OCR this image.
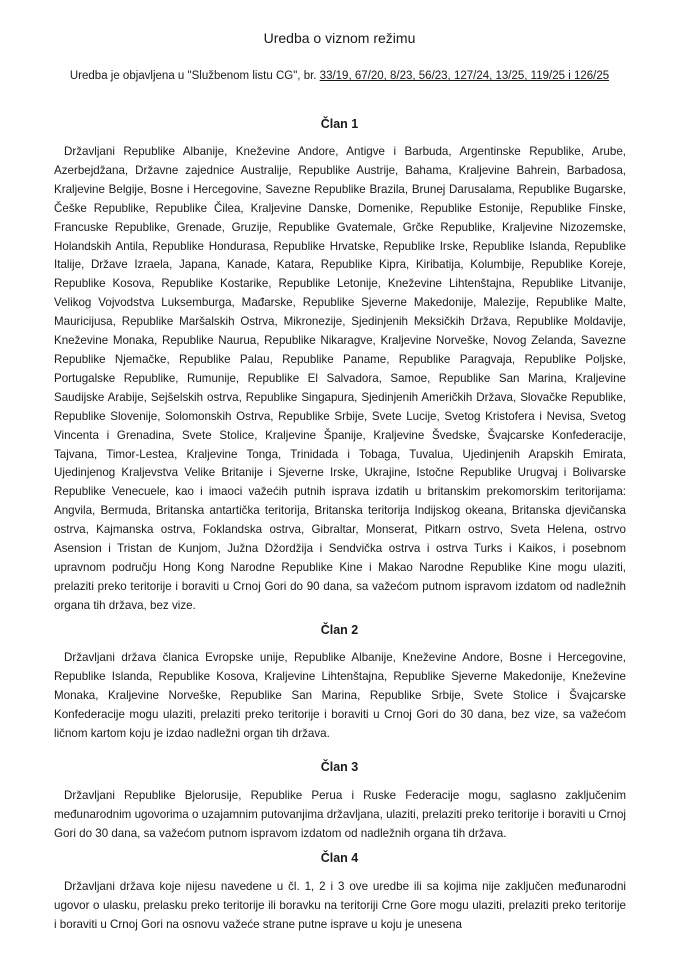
Uredba o viznom režimu
Uredba je objavljena u "Službenom listu CG", br. 33/19, 67/20, 8/23, 56/23, 127/24, 13/25, 119/25 i 126/25
Član 1
Državljani Republike Albanije, Kneževine Andore, Antigve i Barbuda, Argentinske Republike, Arube, Azerbejdžana, Državne zajednice Australije, Republike Austrije, Bahama, Kraljevine Bahrein, Barbadosa, Kraljevine Belgije, Bosne i Hercegovine, Savezne Republike Brazila, Brunej Darusalama, Republike Bugarske, Češke Republike, Republike Čilea, Kraljevine Danske, Domenike, Republike Estonije, Republike Finske, Francuske Republike, Grenade, Gruzije, Republike Gvatemale, Grčke Republike, Kraljevine Nizozemske, Holandskih Antila, Republike Hondurasa, Republike Hrvatske, Republike Irske, Republike Islanda, Republike Italije, Države Izraela, Japana, Kanade, Katara, Republike Kipra, Kiribatija, Kolumbije, Republike Koreje, Republike Kosova, Republike Kostarike, Republike Letonije, Kneževine Lihtenštajna, Republike Litvanije, Velikog Vojvodstva Luksemburga, Mađarske, Republike Sjeverne Makedonije, Malezije, Republike Malte, Mauricijusa, Republike Maršalskih Ostrva, Mikronezije, Sjedinjenih Meksičkih Država, Republike Moldavije, Kneževine Monaka, Republike Naurua, Republike Nikaragve, Kraljevine Norveške, Novog Zelanda, Savezne Republike Njemačke, Republike Palau, Republike Paname, Republike Paragvaja, Republike Poljske, Portugalske Republike, Rumunije, Republike El Salvadora, Samoe, Republike San Marina, Kraljevine Saudijske Arabije, Sejšelskih ostrva, Republike Singapura, Sjedinjenih Američkih Država, Slovačke Republike, Republike Slovenije, Solomonskih Ostrva, Republike Srbije, Svete Lucije, Svetog Kristofera i Nevisa, Svetog Vincenta i Grenadina, Svete Stolice, Kraljevine Španije, Kraljevine Švedske, Švajcarske Konfederacije, Tajvana, Timor-Lestea, Kraljevine Tonga, Trinidada i Tobaga, Tuvalua, Ujedinjenih Arapskih Emirata, Ujedinjenog Kraljevstva Velike Britanije i Sjeverne Irske, Ukrajine, Istočne Republike Urugvaj i Bolivarske Republike Venecuele, kao i imaoci važećih putnih isprava izdatih u britanskim prekomorskim teritorijama: Angvila, Bermuda, Britanska antartička teritorija, Britanska teritorija Indijskog okeana, Britanska djevičanska ostrva, Kajmanska ostrva, Foklandska ostrva, Gibraltar, Monserat, Pitkarn ostrvo, Sveta Helena, ostrvo Asension i Tristan de Kunjom, Južna Džordžija i Sendvička ostrva i ostrva Turks i Kaikos, i posebnom upravnom području Hong Kong Narodne Republike Kine i Makao Narodne Republike Kine mogu ulaziti, prelaziti preko teritorije i boraviti u Crnoj Gori do 90 dana, sa važećom putnom ispravom izdatom od nadležnih organa tih država, bez vize.
Član 2
Državljani država članica Evropske unije, Republike Albanije, Kneževine Andore, Bosne i Hercegovine, Republike Islanda, Republike Kosova, Kraljevine Lihtenštajna, Republike Sjeverne Makedonije, Kneževine Monaka, Kraljevine Norveške, Republike San Marina, Republike Srbije, Svete Stolice i Švajcarske Konfederacije mogu ulaziti, prelaziti preko teritorije i boraviti u Crnoj Gori do 30 dana, bez vize, sa važećom ličnom kartom koju je izdao nadležni organ tih država.
Član 3
Državljani Republike Bjelorusije, Republike Perua i Ruske Federacije mogu, saglasno zaključenim međunarodnim ugovorima o uzajamnim putovanjima državljana, ulaziti, prelaziti preko teritorije i boraviti u Crnoj Gori do 30 dana, sa važećom putnom ispravom izdatom od nadležnih organa tih država.
Član 4
Državljani država koje nijesu navedene u čl. 1, 2 i 3 ove uredbe ili sa kojima nije zaključen međunarodni ugovor o ulasku, prelasku preko teritorije ili boravku na teritoriji Crne Gore mogu ulaziti, prelaziti preko teritorije i boraviti u Crnoj Gori na osnovu važeće strane putne isprave u koju je unesena
